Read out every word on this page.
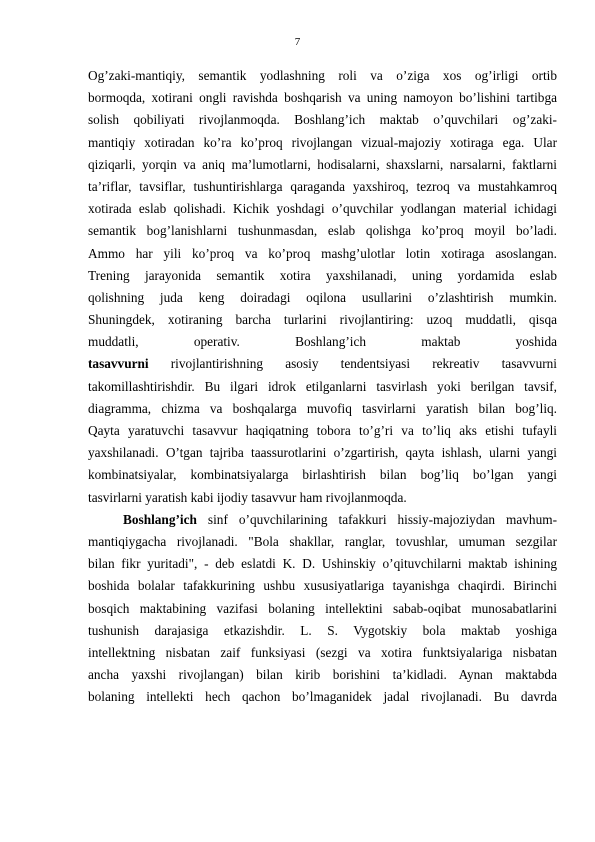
7
Og’zaki-mantiqiy, semantik yodlashning roli va o’ziga xos og’irligi ortib
bormoqda, xotirani ongli ravishda boshqarish va uning namoyon bo’lishini tartibga
solish qobiliyati rivojlanmoqda. Boshlang’ich maktab o’quvchilari og’zaki-
mantiqiy xotiradan ko’ra ko’proq rivojlangan vizual-majoziy xotiraga ega. Ular
qiziqarli, yorqin va aniq ma’lumotlarni, hodisalarni, shaxslarni, narsalarni, faktlarni
ta’riflar, tavsiflar, tushuntirishlarga qaraganda yaxshiroq, tezroq va mustahkamroq
xotirada eslab qolishadi. Kichik yoshdagi o’quvchilar yodlangan material ichidagi
semantik bog’lanishlarni tushunmasdan, eslab qolishga ko’proq moyil bo’ladi.
Ammo har yili ko’proq va ko’proq mashg’ulotlar lotin xotiraga asoslangan.
Trening jarayonida semantik xotira yaxshilanadi, uning yordamida eslab
qolishning juda keng doiradagi oqilona usullarini o’zlashtirish mumkin.
Shuningdek, xotiraning barcha turlarini rivojlantiring: uzoq muddatli, qisqa
muddatli, operativ. Boshlang’ich maktab yoshida
tasavvurni rivojlantirishning asosiy tendentsiyasi rekreativ tasavvurni
takomillashtirishdir. Bu ilgari idrok etilganlarni tasvirlash yoki berilgan tavsif,
diagramma, chizma va boshqalarga muvofiq tasvirlarni yaratish bilan bog’liq.
Qayta yaratuvchi tasavvur haqiqatning tobora to’g’ri va to’liq aks etishi tufayli
yaxshilanadi. O’tgan tajriba taassurotlarini o’zgartirish, qayta ishlash, ularni yangi
kombinatsiyalar, kombinatsiyalarga birlashtirish bilan bog’liq bo’lgan yangi
tasvirlarni yaratish kabi ijodiy tasavvur ham rivojlanmoqda.
Boshlang’ich sinf o’quvchilarining tafakkuri hissiy-majoziydan mavhum-
mantiqiygacha rivojlanadi. "Bola shakllar, ranglar, tovushlar, umuman sezgilar
bilan fikr yuritadi", - deb eslatdi K. D. Ushinskiy o’qituvchilarni maktab ishining
boshida bolalar tafakkurining ushbu xususiyatlariga tayanishga chaqirdi. Birinchi
bosqich maktabining vazifasi bolaning intellektini sabab-oqibat munosabatlarini
tushunish darajasiga etkazishdir. L. S. Vygotskiy bola maktab yoshiga
intellektning nisbatan zaif funksiyasi (sezgi va xotira funktsiyalariga nisbatan
ancha yaxshi rivojlangan) bilan kirib borishini ta’kidladi. Aynan maktabda
bolaning intellekti hech qachon bo’lmaganidek jadal rivojlanadi. Bu davrda
